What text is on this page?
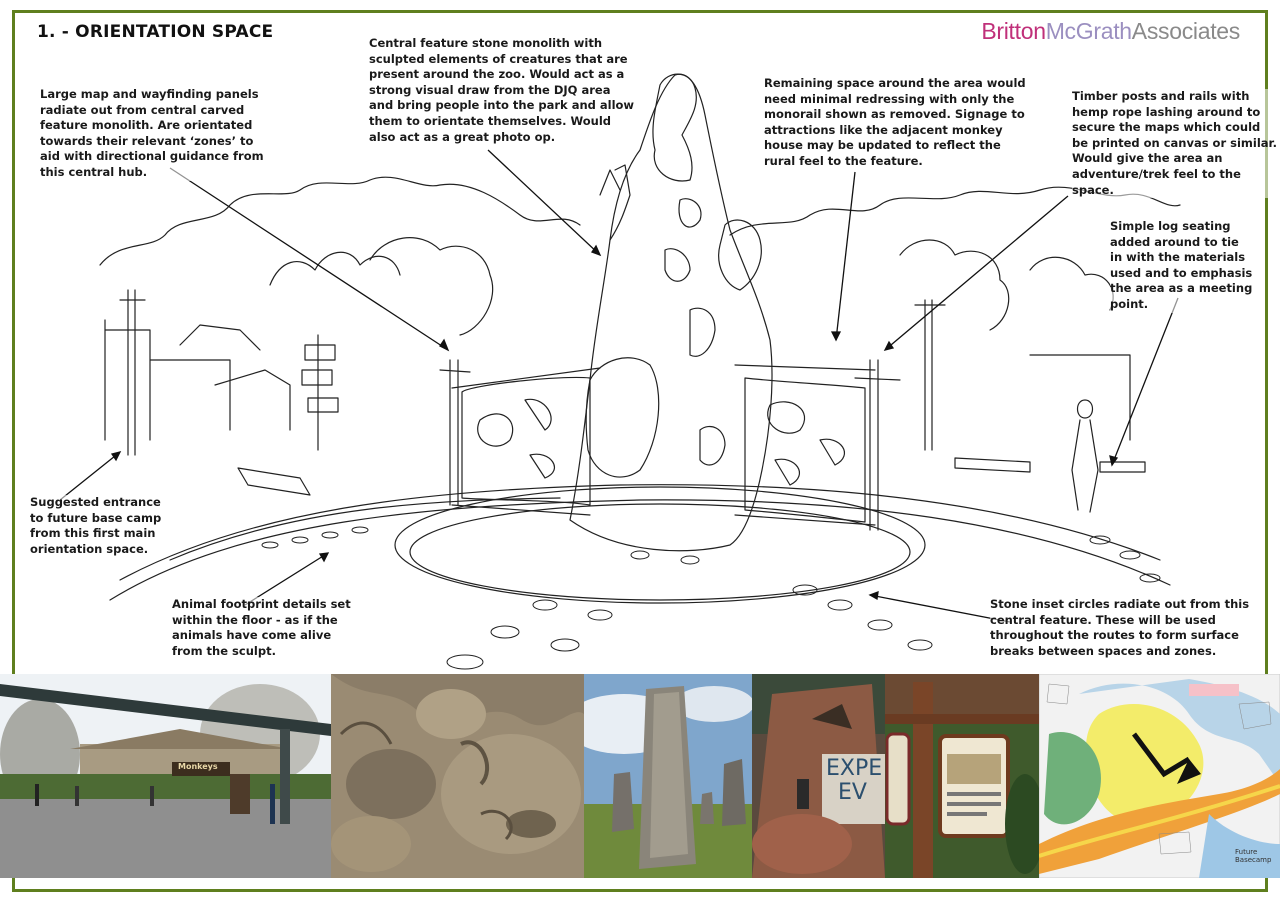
1. - ORIENTATION SPACE	BrittonMcGrathAssociates
Large map and wayfinding panels
radiate out from central carved
feature monolith. Are orientated
towards their relevant ‘zones’ to
aid with directional guidance from
this central hub.
Central feature stone monolith with
sculpted elements of creatures that are
present around the zoo. Would act as a
strong visual draw from the DJQ area
and bring people into the park and allow
them to orientate themselves. Would
also act as a great photo op.
Remaining space around the area would
need minimal redressing with only the
monorail shown as removed. Signage to
attractions like the adjacent monkey
house may be updated to reflect the
rural feel to the feature.
Timber posts and rails with
hemp rope lashing around to
secure the maps which could
be printed on canvas or similar.
Would give the area an
adventure/trek feel to the
space.
Simple log seating
added around to tie
in with the materials
used and to emphasis
the area as a meeting
point.
Suggested entrance
to future base camp
from this first main
orientation space.
Animal footprint details set
within the floor - as if the
animals have come alive
from the sculpt.
Stone inset circles radiate out from this
central feature. These will be used
throughout the routes to form surface
breaks between spaces and zones.
Monkeys	EXPE
EV
Future
Basecamp
